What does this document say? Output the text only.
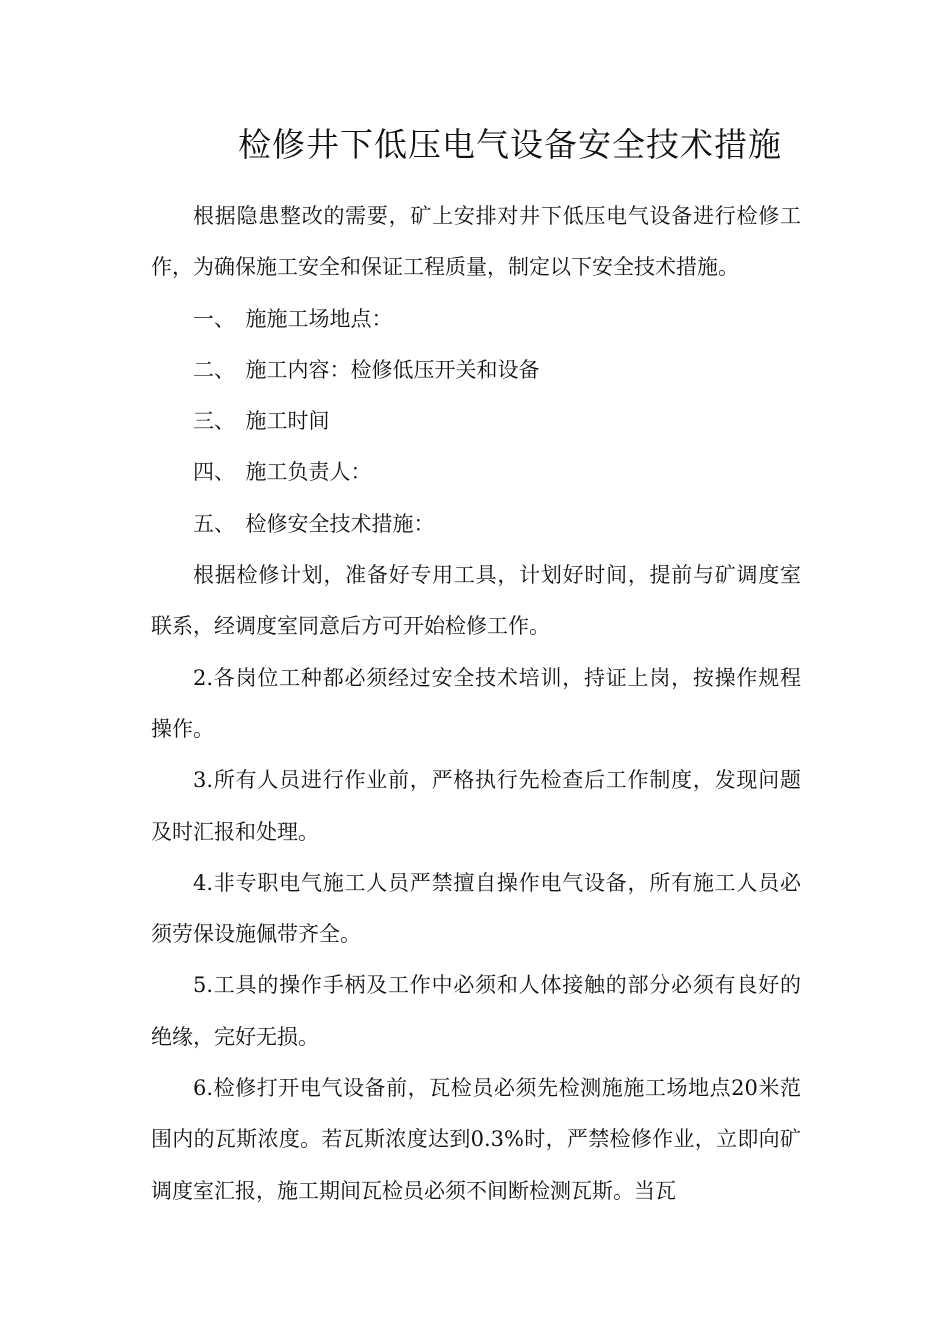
检修井下低压电气设备安全技术措施

根据隐患整改的需要，矿上安排对井下低压电气设备进行检修工作，为确保施工安全和保证工程质量，制定以下安全技术措施。

一、 施施工场地点：

二、 施工内容：检修低压开关和设备

三、 施工时间

四、 施工负责人：

五、 检修安全技术措施：

根据检修计划，准备好专用工具，计划好时间，提前与矿调度室联系，经调度室同意后方可开始检修工作。

2.各岗位工种都必须经过安全技术培训，持证上岗，按操作规程操作。

3.所有人员进行作业前，严格执行先检查后工作制度，发现问题及时汇报和处理。

4.非专职电气施工人员严禁擅自操作电气设备，所有施工人员必须劳保设施佩带齐全。

5.工具的操作手柄及工作中必须和人体接触的部分必须有良好的绝缘，完好无损。

6.检修打开电气设备前，瓦检员必须先检测施施工场地点20米范围内的瓦斯浓度。若瓦斯浓度达到0.3%时，严禁检修作业，立即向矿调度室汇报，施工期间瓦检员必须不间断检测瓦斯。当瓦
